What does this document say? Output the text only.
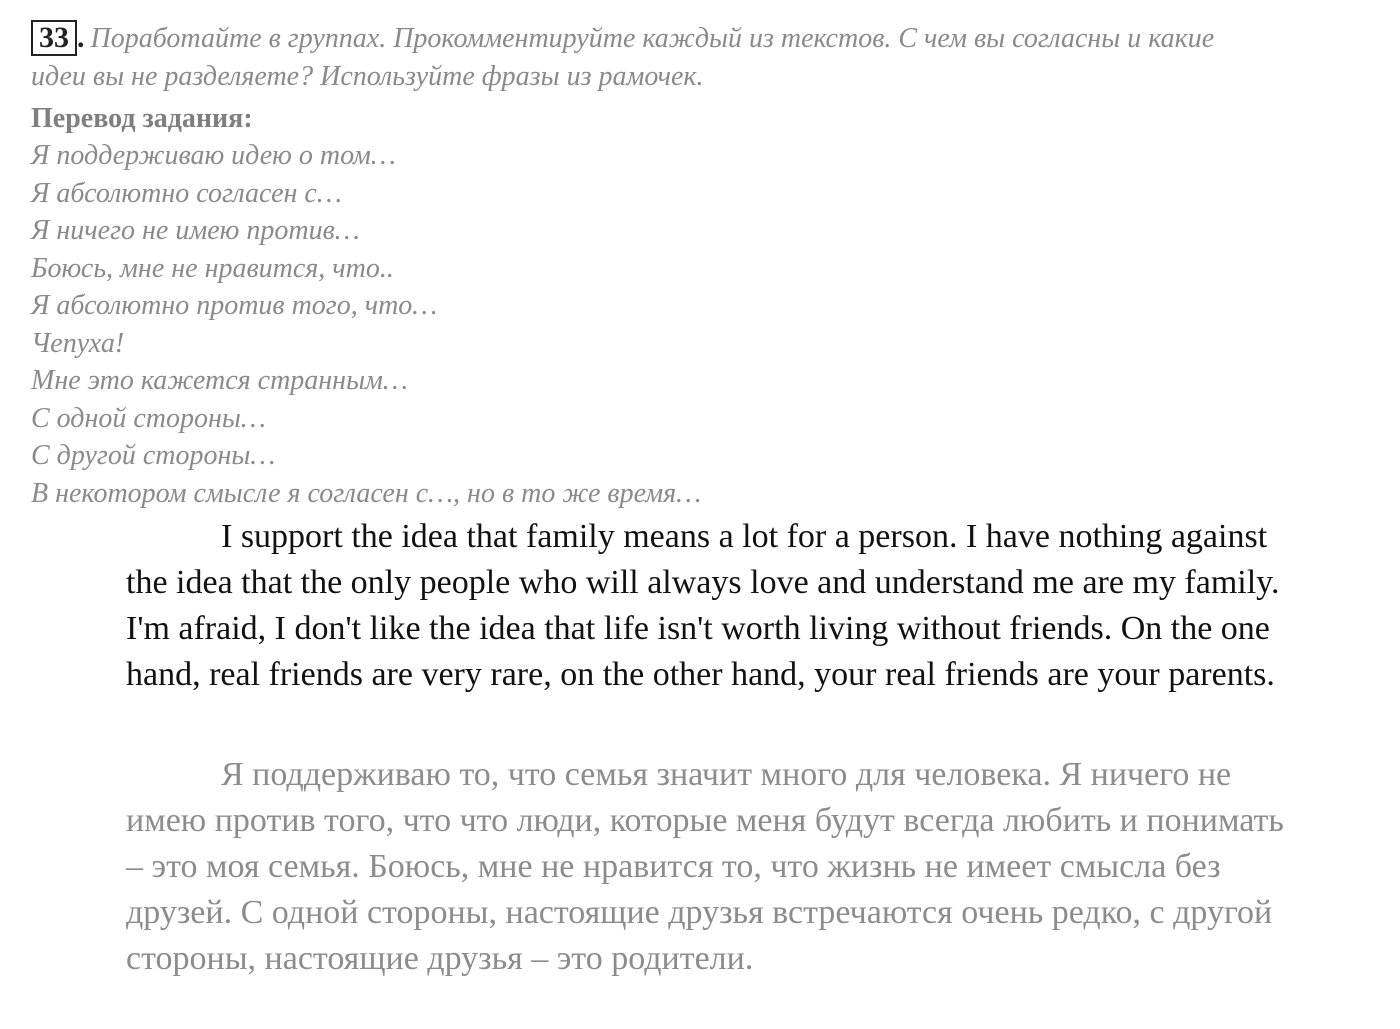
33 . Поработайте в группах. Прокомментируйте каждый из текстов. С чем вы согласны и какие идеи вы не разделяете? Используйте фразы из рамочек.

Перевод задания:

Я поддерживаю идею о том…
Я абсолютно согласен с…
Я ничего не имею против…
Боюсь, мне не нравится, что..
Я абсолютно против того, что…
Чепуха!
Мне это кажется странным…
С одной стороны…
С другой стороны…
В некотором смысле я согласен с…, но в то же время…

I support the idea that family means a lot for a person. I have nothing against the idea that the only people who will always love and understand me are my family. I'm afraid, I don't like the idea that life isn't worth living without friends. On the one hand, real friends are very rare, on the other hand, your real friends are your parents.

Я поддерживаю то, что семья значит много для человека. Я ничего не имею против того, что что люди, которые меня будут всегда любить и понимать – это моя семья. Боюсь, мне не нравится то, что жизнь не имеет смысла без друзей. С одной стороны, настоящие друзья встречаются очень редко, с другой стороны, настоящие друзья – это родители.
